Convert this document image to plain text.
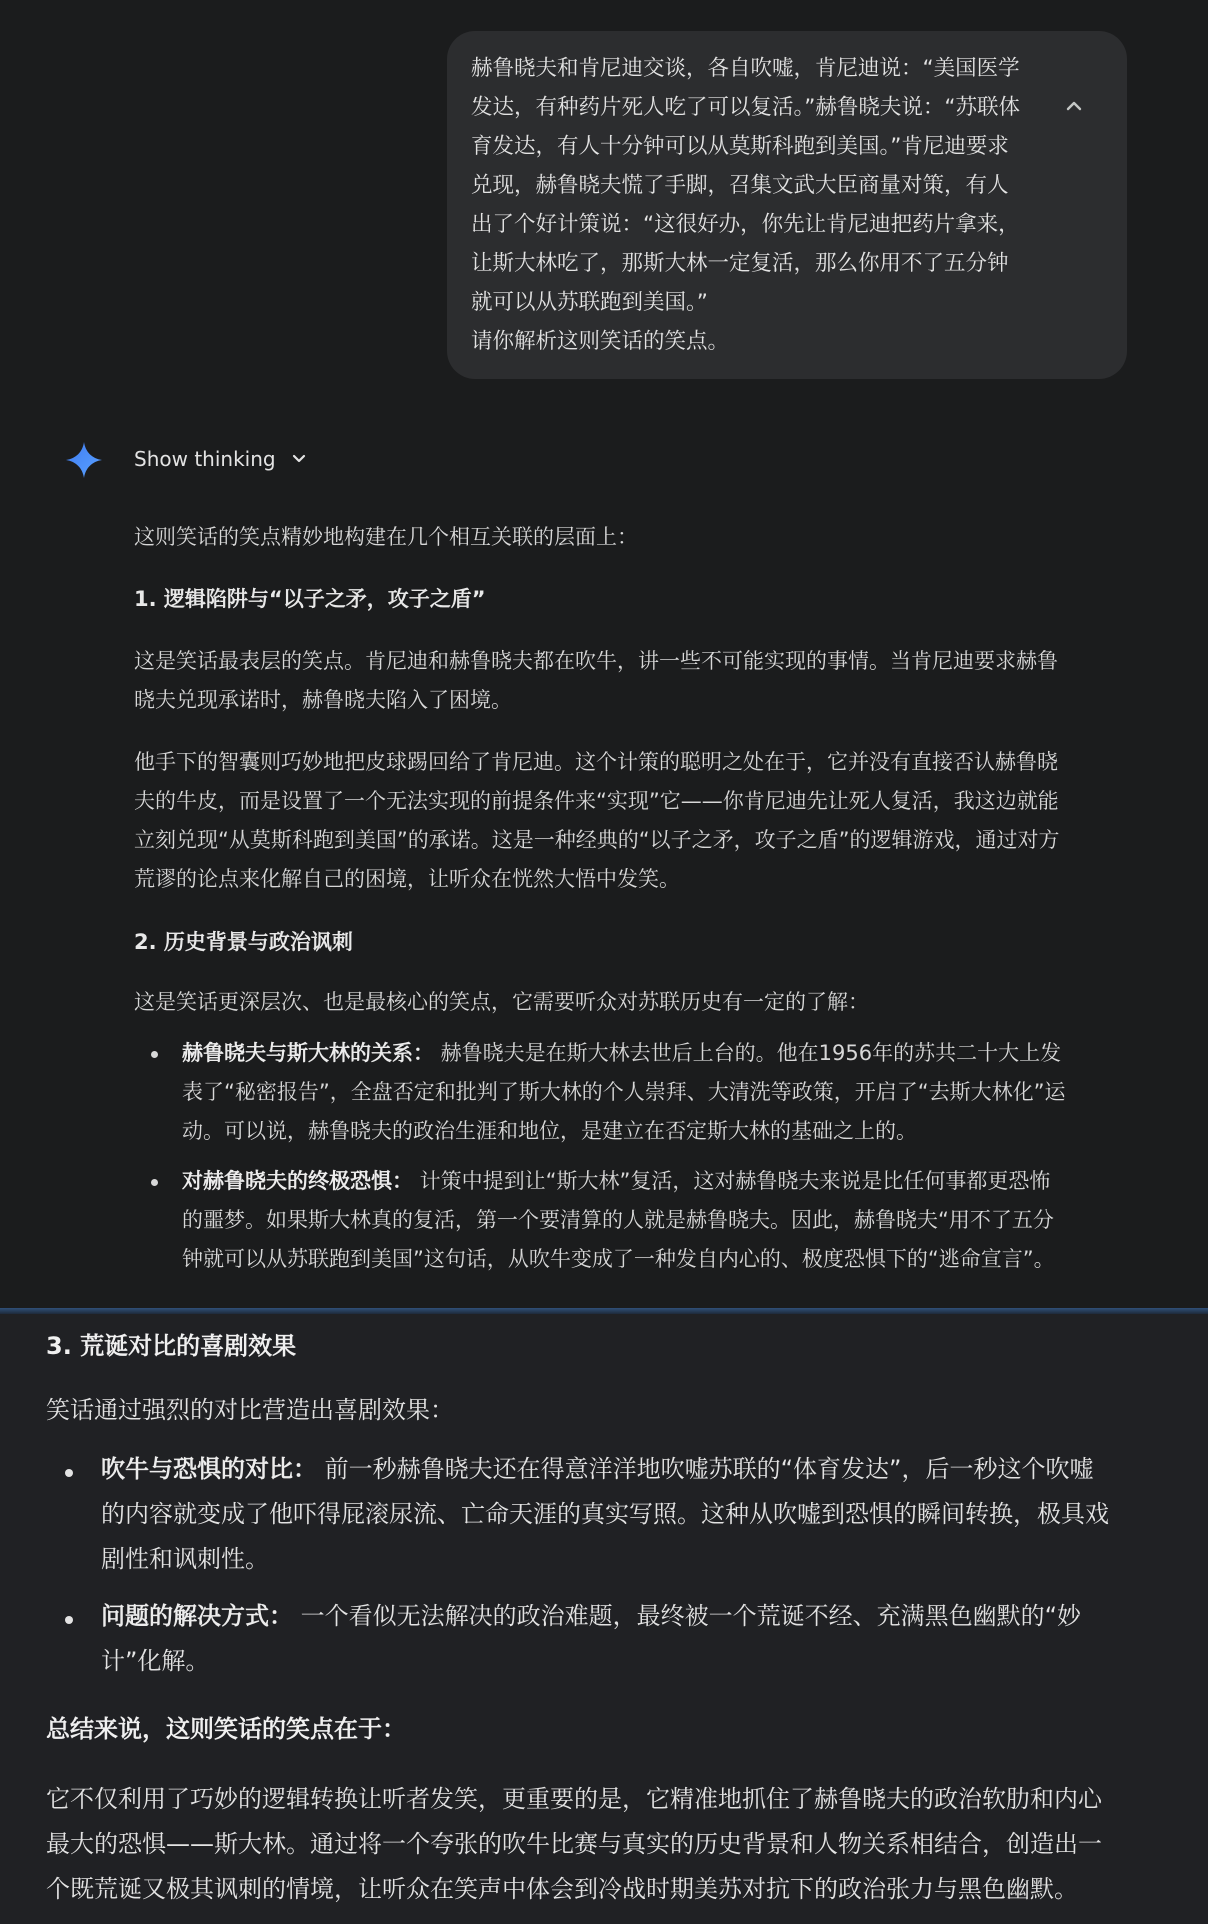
赫鲁晓夫和肯尼迪交谈，各自吹嘘，肯尼迪说：“美国医学
发达，有种药片死人吃了可以复活。”赫鲁晓夫说：“苏联体
育发达，有人十分钟可以从莫斯科跑到美国。”肯尼迪要求
兑现，赫鲁晓夫慌了手脚，召集文武大臣商量对策，有人
出了个好计策说：“这很好办，你先让肯尼迪把药片拿来，
让斯大林吃了，那斯大林一定复活，那么你用不了五分钟
就可以从苏联跑到美国。”
请你解析这则笑话的笑点。
Show thinking
这则笑话的笑点精妙地构建在几个相互关联的层面上：
1. 逻辑陷阱与“以子之矛，攻子之盾”
这是笑话最表层的笑点。肯尼迪和赫鲁晓夫都在吹牛，讲一些不可能实现的事情。当肯尼迪要求赫鲁
晓夫兑现承诺时，赫鲁晓夫陷入了困境。
他手下的智囊则巧妙地把皮球踢回给了肯尼迪。这个计策的聪明之处在于，它并没有直接否认赫鲁晓
夫的牛皮，而是设置了一个无法实现的前提条件来“实现”它——你肯尼迪先让死人复活，我这边就能
立刻兑现“从莫斯科跑到美国”的承诺。这是一种经典的“以子之矛，攻子之盾”的逻辑游戏，通过对方
荒谬的论点来化解自己的困境，让听众在恍然大悟中发笑。
2. 历史背景与政治讽刺
这是笑话更深层次、也是最核心的笑点，它需要听众对苏联历史有一定的了解：
赫鲁晓夫与斯大林的关系： 赫鲁晓夫是在斯大林去世后上台的。他在1956年的苏共二十大上发
表了“秘密报告”，全盘否定和批判了斯大林的个人崇拜、大清洗等政策，开启了“去斯大林化”运
动。可以说，赫鲁晓夫的政治生涯和地位，是建立在否定斯大林的基础之上的。
对赫鲁晓夫的终极恐惧： 计策中提到让“斯大林”复活，这对赫鲁晓夫来说是比任何事都更恐怖
的噩梦。如果斯大林真的复活，第一个要清算的人就是赫鲁晓夫。因此，赫鲁晓夫“用不了五分
钟就可以从苏联跑到美国”这句话，从吹牛变成了一种发自内心的、极度恐惧下的“逃命宣言”。
3. 荒诞对比的喜剧效果
笑话通过强烈的对比营造出喜剧效果：
吹牛与恐惧的对比： 前一秒赫鲁晓夫还在得意洋洋地吹嘘苏联的“体育发达”，后一秒这个吹嘘
的内容就变成了他吓得屁滚尿流、亡命天涯的真实写照。这种从吹嘘到恐惧的瞬间转换，极具戏
剧性和讽刺性。
问题的解决方式： 一个看似无法解决的政治难题，最终被一个荒诞不经、充满黑色幽默的“妙
计”化解。
总结来说，这则笑话的笑点在于：
它不仅利用了巧妙的逻辑转换让听者发笑，更重要的是，它精准地抓住了赫鲁晓夫的政治软肋和内心
最大的恐惧——斯大林。通过将一个夸张的吹牛比赛与真实的历史背景和人物关系相结合，创造出一
个既荒诞又极其讽刺的情境，让听众在笑声中体会到冷战时期美苏对抗下的政治张力与黑色幽默。
